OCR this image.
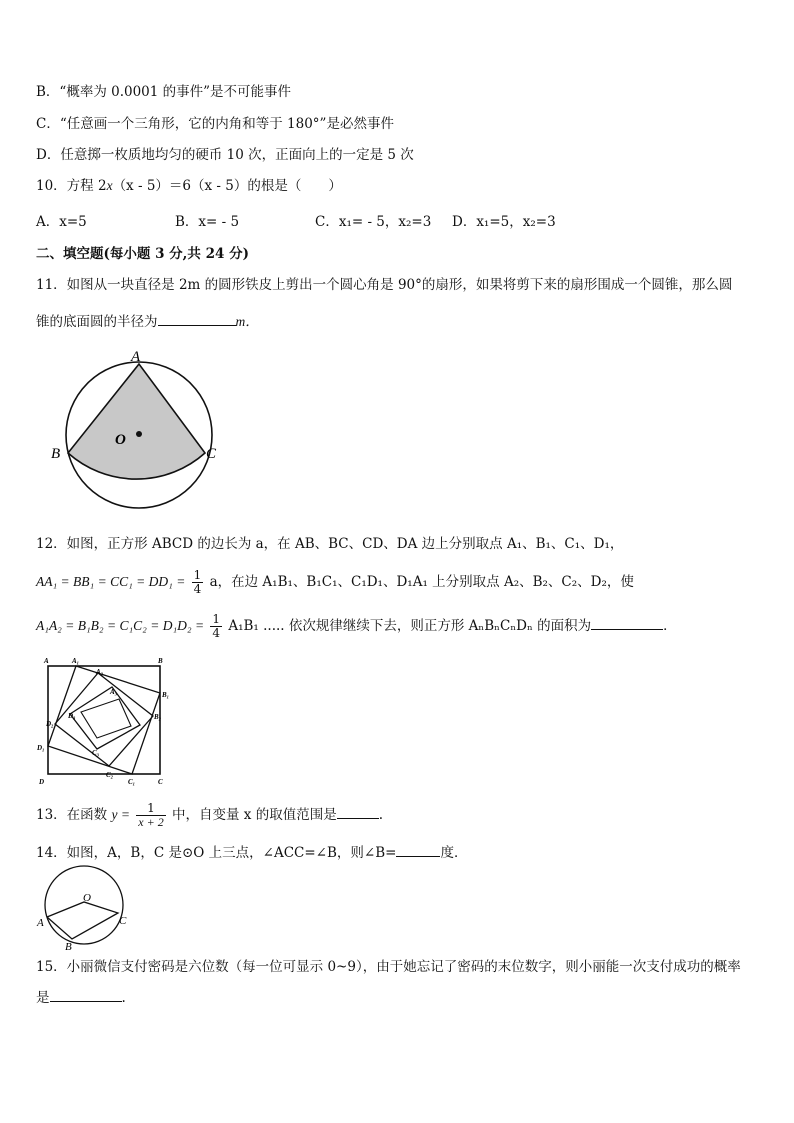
B．“概率为 0.0001 的事件”是不可能事件
C．“任意画一个三角形，它的内角和等于 180°”是必然事件
D．任意掷一枚质地均匀的硬币 10 次，正面向上的一定是 5 次
10．方程 2x（x - 5）＝6（x - 5）的根是（　　）
A．x=5	B．x= - 5	C．x₁= - 5，x₂=3 D．x₁=5，x₂=3
二、填空题(每小题 3 分,共 24 分)
11．如图从一块直径是 2m 的圆形铁皮上剪出一个圆心角是 90°的扇形，如果将剪下来的扇形围成一个圆锥，那么圆
锥的底面圆的半径为	m．
A
B	C
O
12．如图，正方形 ABCD 的边长为 a，在 AB、BC、CD、DA 边上分别取点 A₁、B₁、C₁、D₁，
$AA_1 = BB_1 = CC_1 = DD_1 = \frac{1}{4}$ a，在边 A₁B₁、B₁C₁、C₁D₁、D₁A₁ 上分别取点 A₂、B₂、C₂、D₂，使
$A_1A_2 = B_1B_2 = C_1C_2 = D_1D_2 = \frac{1}{4} A_1B_1$ ..... 依次规律继续下去，则正方形 AₙBₙCₙDₙ 的面积为	．
A	A₁
A₂
A₃
B
B₁
B₂
C
C₁
C₂
C₃
D
D₁
D₂
D₃
13．在函数 $y = \frac{1}{x + 2}$ 中，自变量 x 的取值范围是	.
14．如图，A，B，C 是⊙O 上三点，∠ACC=∠B，则∠B=	度．
O
A
B
C
15．小丽微信支付密码是六位数（每一位可显示 0~9），由于她忘记了密码的末位数字，则小丽能一次支付成功的概率
是	.
